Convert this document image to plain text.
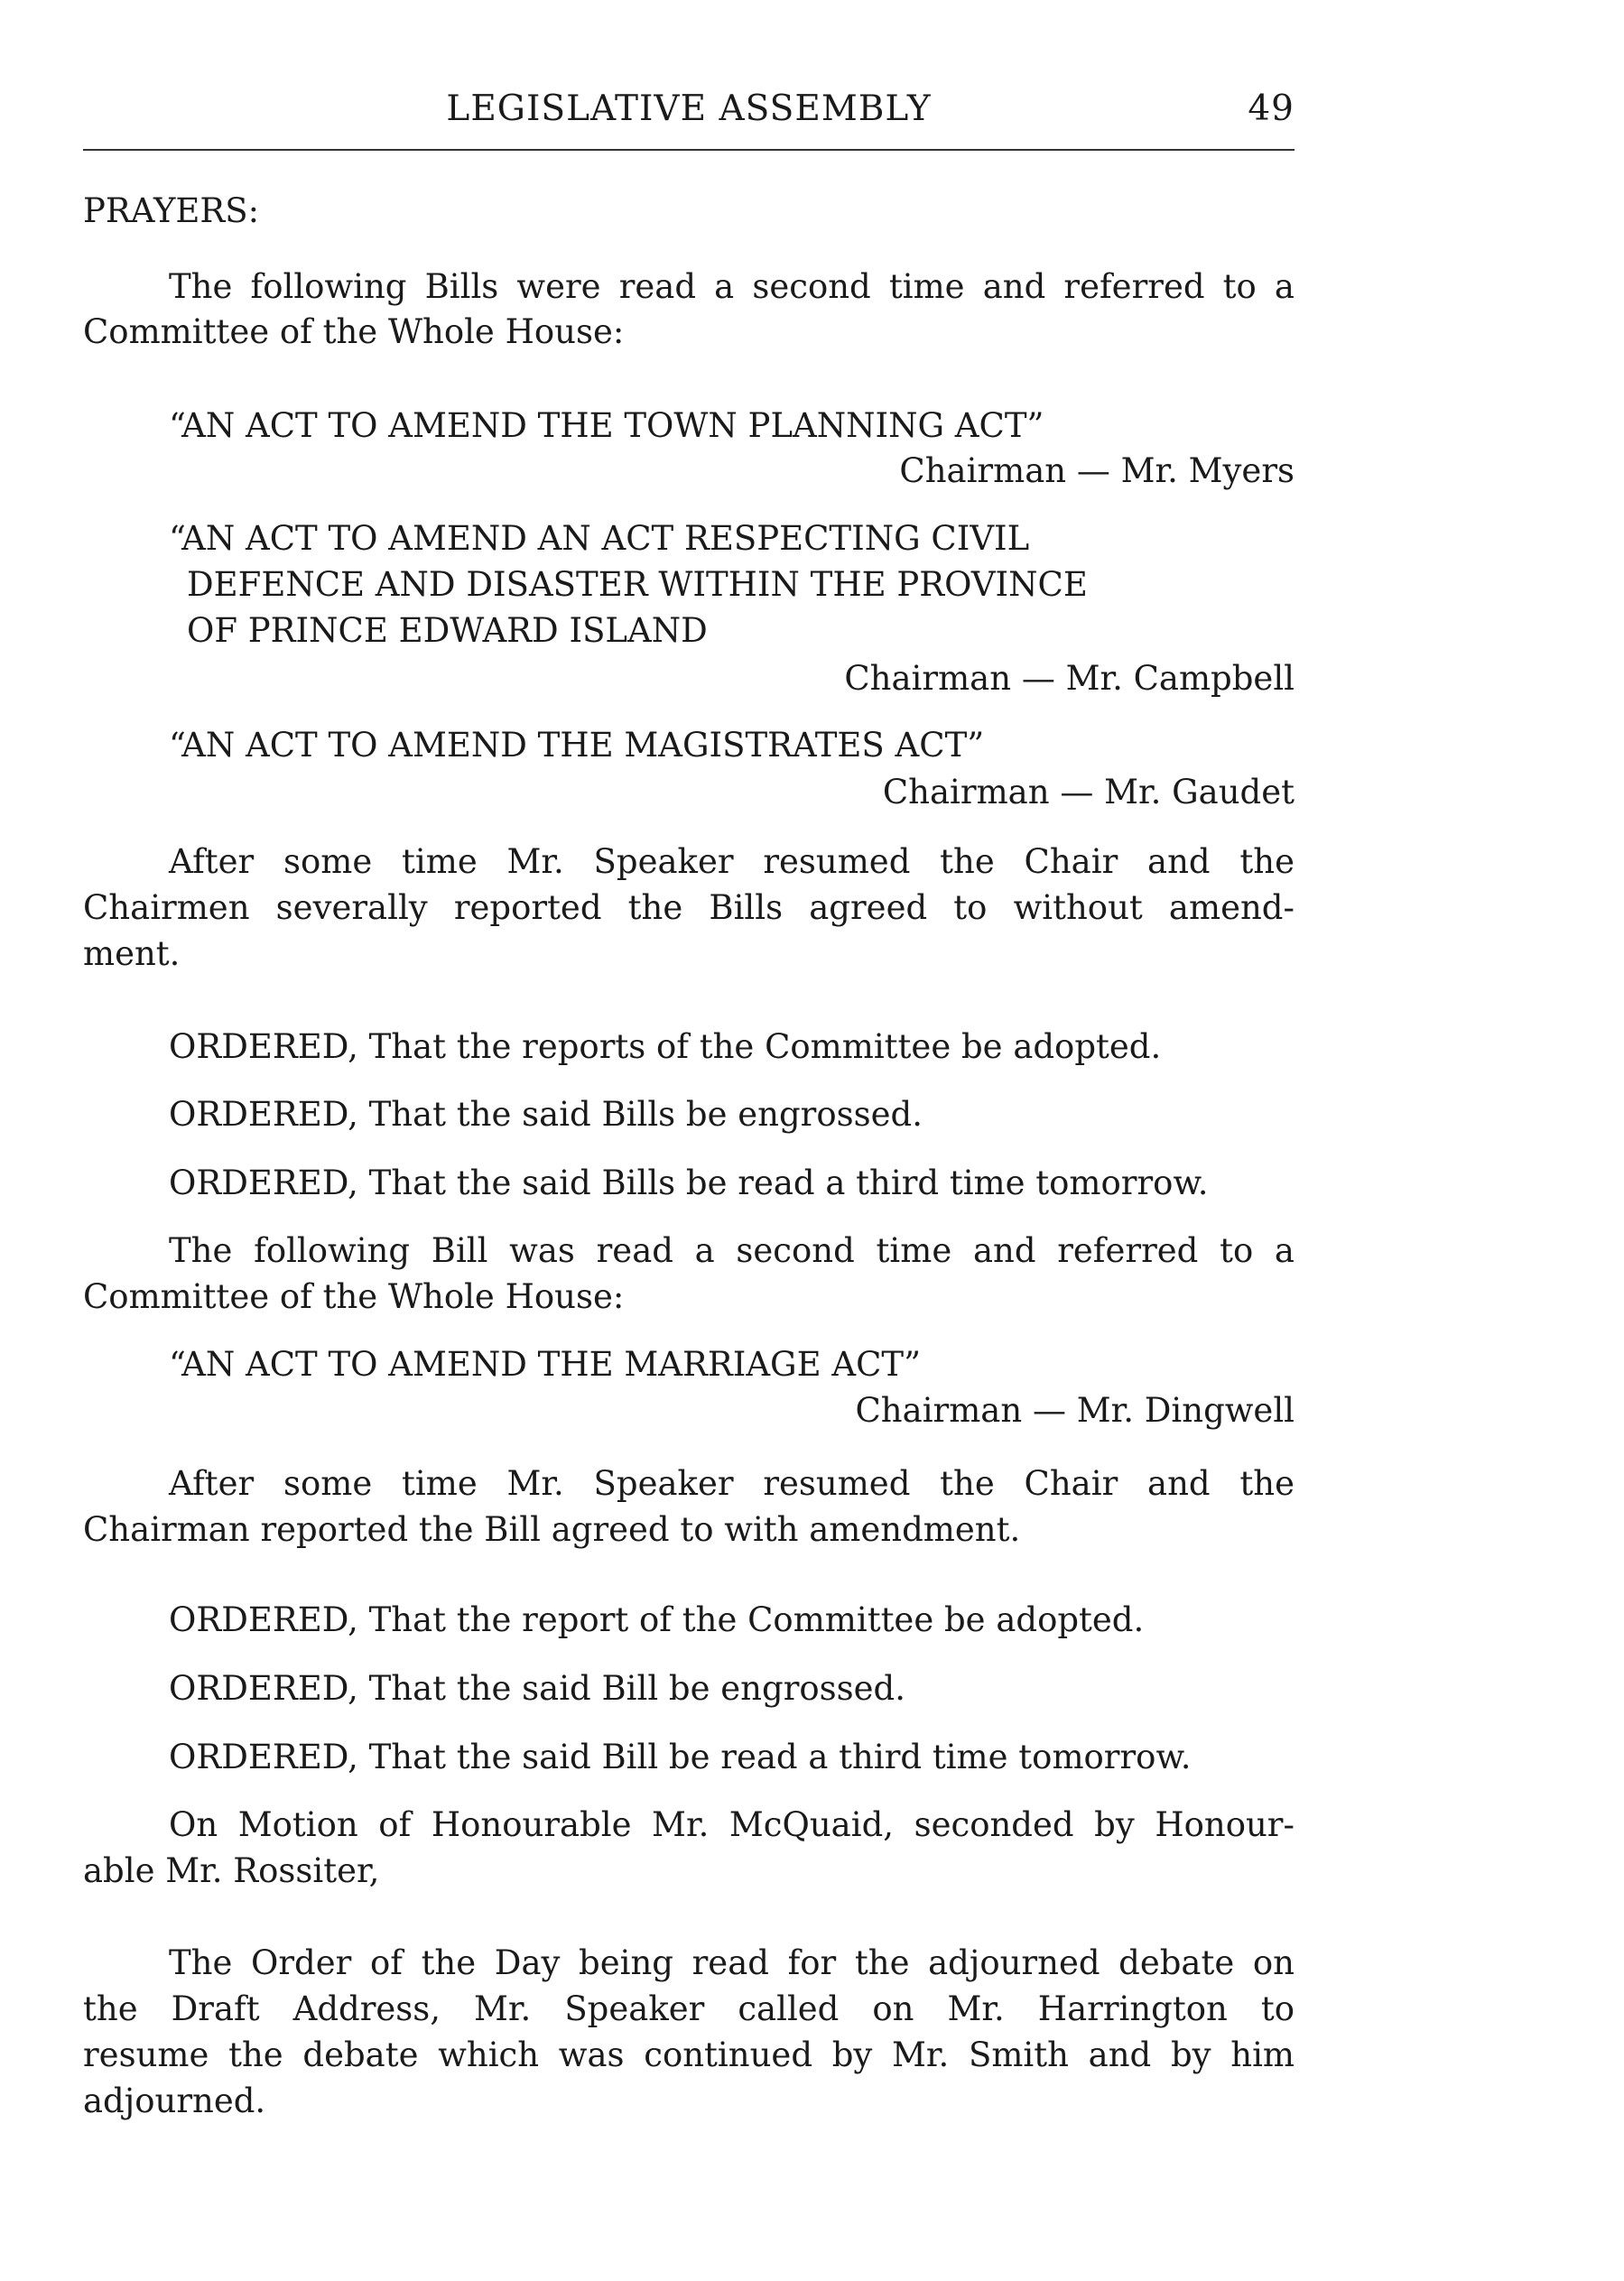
LEGISLATIVE ASSEMBLY	49
PRAYERS:
The following Bills were read a second time and referred to a
Committee of the Whole House:
“AN ACT TO AMEND THE TOWN PLANNING ACT”
Chairman — Mr. Myers
“AN ACT TO AMEND AN ACT RESPECTING CIVIL
DEFENCE AND DISASTER WITHIN THE PROVINCE
OF PRINCE EDWARD ISLAND
Chairman — Mr. Campbell
“AN ACT TO AMEND THE MAGISTRATES ACT”
Chairman — Mr. Gaudet
After some time Mr. Speaker resumed the Chair and the
Chairmen severally reported the Bills agreed to without amend-
ment.
ORDERED, That the reports of the Committee be adopted.
ORDERED, That the said Bills be engrossed.
ORDERED, That the said Bills be read a third time tomorrow.
The following Bill was read a second time and referred to a
Committee of the Whole House:
“AN ACT TO AMEND THE MARRIAGE ACT”
Chairman — Mr. Dingwell
After some time Mr. Speaker resumed the Chair and the
Chairman reported the Bill agreed to with amendment.
ORDERED, That the report of the Committee be adopted.
ORDERED, That the said Bill be engrossed.
ORDERED, That the said Bill be read a third time tomorrow.
On Motion of Honourable Mr. McQuaid, seconded by Honour-
able Mr. Rossiter,
The Order of the Day being read for the adjourned debate on
the Draft Address, Mr. Speaker called on Mr. Harrington to
resume the debate which was continued by Mr. Smith and by him
adjourned.
